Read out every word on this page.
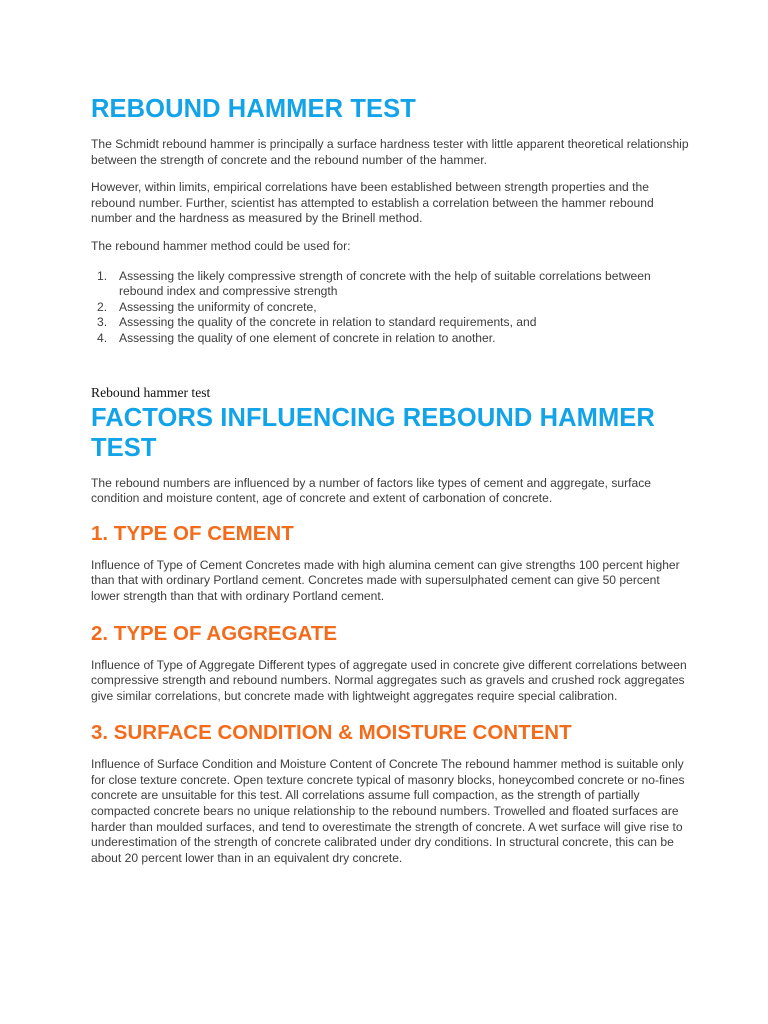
REBOUND HAMMER TEST

The Schmidt rebound hammer is principally a surface hardness tester with little apparent theoretical relationship between the strength of concrete and the rebound number of the hammer.

However, within limits, empirical correlations have been established between strength properties and the rebound number. Further, scientist has attempted to establish a correlation between the hammer rebound number and the hardness as measured by the Brinell method.

The rebound hammer method could be used for:

1. Assessing the likely compressive strength of concrete with the help of suitable correlations between rebound index and compressive strength
2. Assessing the uniformity of concrete,
3. Assessing the quality of the concrete in relation to standard requirements, and
4. Assessing the quality of one element of concrete in relation to another.

Rebound hammer test

FACTORS INFLUENCING REBOUND HAMMER TEST

The rebound numbers are influenced by a number of factors like types of cement and aggregate, surface condition and moisture content, age of concrete and extent of carbonation of concrete.

1. TYPE OF CEMENT

Influence of Type of Cement Concretes made with high alumina cement can give strengths 100 percent higher than that with ordinary Portland cement. Concretes made with supersulphated cement can give 50 percent lower strength than that with ordinary Portland cement.

2. TYPE OF AGGREGATE

Influence of Type of Aggregate Different types of aggregate used in concrete give different correlations between compressive strength and rebound numbers. Normal aggregates such as gravels and crushed rock aggregates give similar correlations, but concrete made with lightweight aggregates require special calibration.

3. SURFACE CONDITION & MOISTURE CONTENT

Influence of Surface Condition and Moisture Content of Concrete The rebound hammer method is suitable only for close texture concrete. Open texture concrete typical of masonry blocks, honeycombed concrete or no-fines concrete are unsuitable for this test. All correlations assume full compaction, as the strength of partially compacted concrete bears no unique relationship to the rebound numbers. Trowelled and floated surfaces are harder than moulded surfaces, and tend to overestimate the strength of concrete. A wet surface will give rise to underestimation of the strength of concrete calibrated under dry conditions. In structural concrete, this can be about 20 percent lower than in an equivalent dry concrete.
